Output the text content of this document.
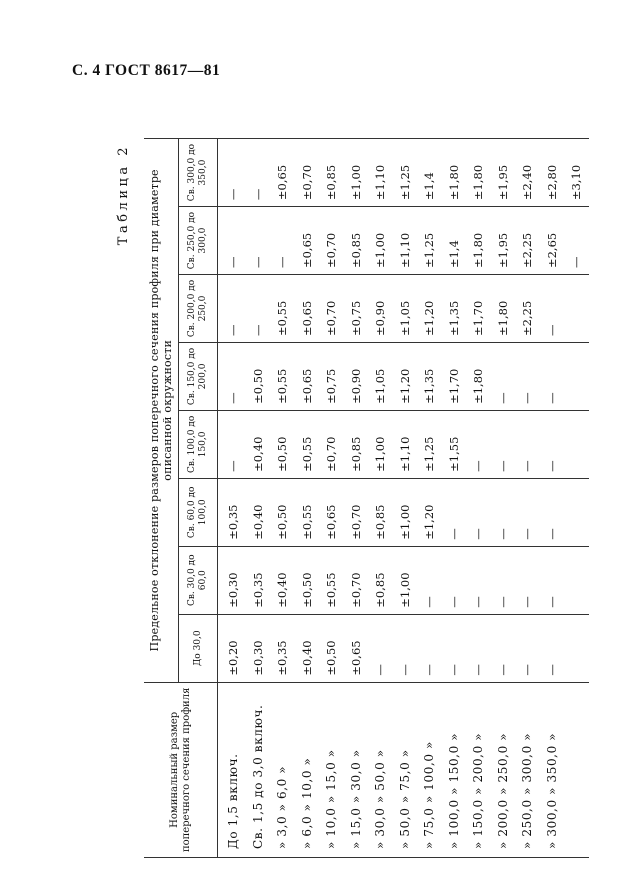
С. 4 ГОСТ 8617—81
Таблица 2
Номинальный размер поперечного сечения профиля	Предельное отклонение размеров поперечного сечения профиля при диаметре описанной окружности							
	До 30,0	Св. 30,0 до 60,0	Св. 60,0 до 100,0	Св. 100,0 до 150,0	Св. 150,0 до 200,0	Св. 200,0 до 250,0	Св. 250,0 до 300,0	Св. 300,0 до 350,0
До 1,5 включ.	±0,20	±0,30	±0,35	—	—	—	—	—
Св. 1,5 до 3,0 включ.	±0,30	±0,35	±0,40	±0,40	±0,50	—	—	—
» 3,0 » 6,0 »	±0,35	±0,40	±0,50	±0,50	±0,55	±0,55	—	±0,65
» 6,0 » 10,0 »	±0,40	±0,50	±0,55	±0,55	±0,65	±0,65	±0,65	±0,70
» 10,0 » 15,0 »	±0,50	±0,55	±0,65	±0,70	±0,75	±0,70	±0,70	±0,85
» 15,0 » 30,0 »	±0,65	±0,70	±0,70	±0,85	±0,90	±0,75	±0,85	±1,00
» 30,0 » 50,0 »	—	±0,85	±0,85	±1,00	±1,05	±0,90	±1,00	±1,10
» 50,0 » 75,0 »	—	±1,00	±1,00	±1,10	±1,20	±1,05	±1,10	±1,25
» 75,0 » 100,0 »	—	—	±1,20	±1,25	±1,35	±1,20	±1,25	±1,4
» 100,0 » 150,0 »	—	—	—	±1,55	±1,70	±1,35	±1,4	±1,80
» 150,0 » 200,0 »	—	—	—	—	±1,80	±1,70	±1,80	±1,80
» 200,0 » 250,0 »	—	—	—	—	—	±1,80	±1,95	±1,95
» 250,0 » 300,0 »	—	—	—	—	—	±2,25	±2,25	±2,40
» 300,0 » 350,0 »	—	—	—	—	—	—	±2,65	±2,80
							—	±3,10
